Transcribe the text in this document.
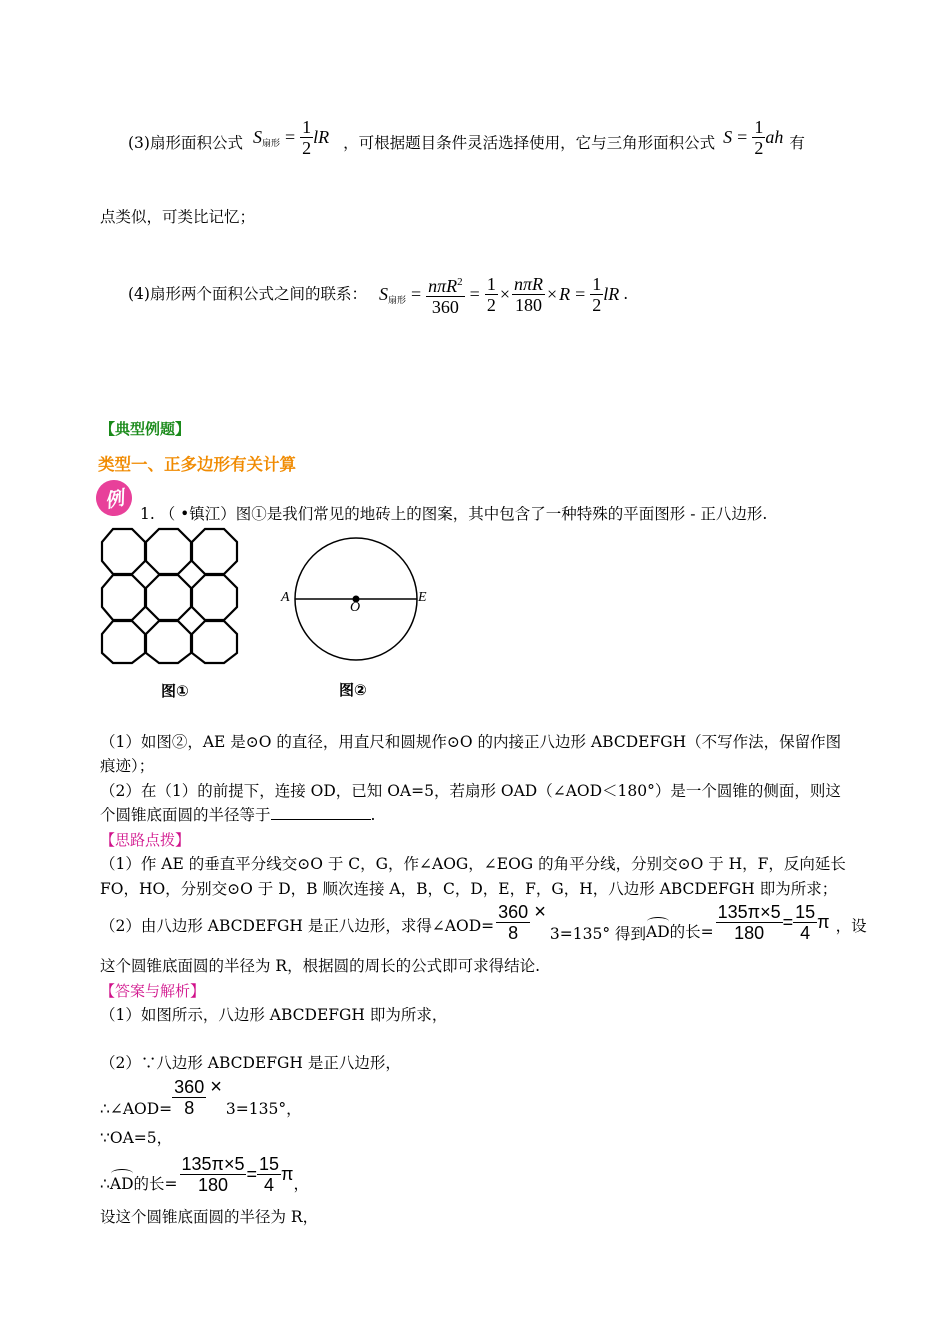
(3)扇形面积公式 S 扇形 = $\frac{1}{2}$ lR ，可根据题目条件灵活选择使用，它与三角形面积公式 $S = \frac{1}{2}$ ah 有
点类似，可类比记忆；
(4)扇形两个面积公式之间的联系： S 扇形 = $\frac{n\pi R^2}{360} = \frac{1}{2} \times \frac{\text{nπR}}{180} \times R = \frac{1}{2}$ lR .
【典型例题】
类型一、正多边形有关计算
例
1. （ •镇江）图①是我们常见的地砖上的图案，其中包含了一种特殊的平面图形 - 正八边形.
图①
A
O
E
图②
（1）如图②，AE 是⊙O 的直径，用直尺和圆规作⊙O 的内接正八边形 ABCDEFGH（不写作法，保留作图
痕迹）；
（2）在（1）的前提下，连接 OD，已知 OA=5，若扇形 OAD（∠AOD＜180°）是一个圆锥的侧面，则这
个圆锥底面圆的半径等于	.
【思路点拨】
（1）作 AE 的垂直平分线交⊙O 于 C，G，作∠AOG，∠EOG 的角平分线，分别交⊙O 于 H，F，反向延长
FO，HO，分别交⊙O 于 D，B 顺次连接 A，B，C，D，E，F，G，H，八边形 ABCDEFGH 即为所求；
（2）由八边形 ABCDEFGH 是正八边形，求得∠AOD= $\frac{360}{8}$ ×
3=135° 得到 AD 的长= $\frac{135\pi\times 5}{180} = \frac{15}{4}$ π ，设
这个圆锥底面圆的半径为 R，根据圆的周长的公式即可求得结论.
【答案与解析】
（1）如图所示，八边形 ABCDEFGH 即为所求，
（2）∵八边形 ABCDEFGH 是正八边形，
∴∠AOD= $\frac{360}{8}$ ×
3=135°，
∵OA=5，
∴ AD 的长= $\frac{135\pi\times 5}{180} = \frac{15}{4}$ π ，
设这个圆锥底面圆的半径为 R，
